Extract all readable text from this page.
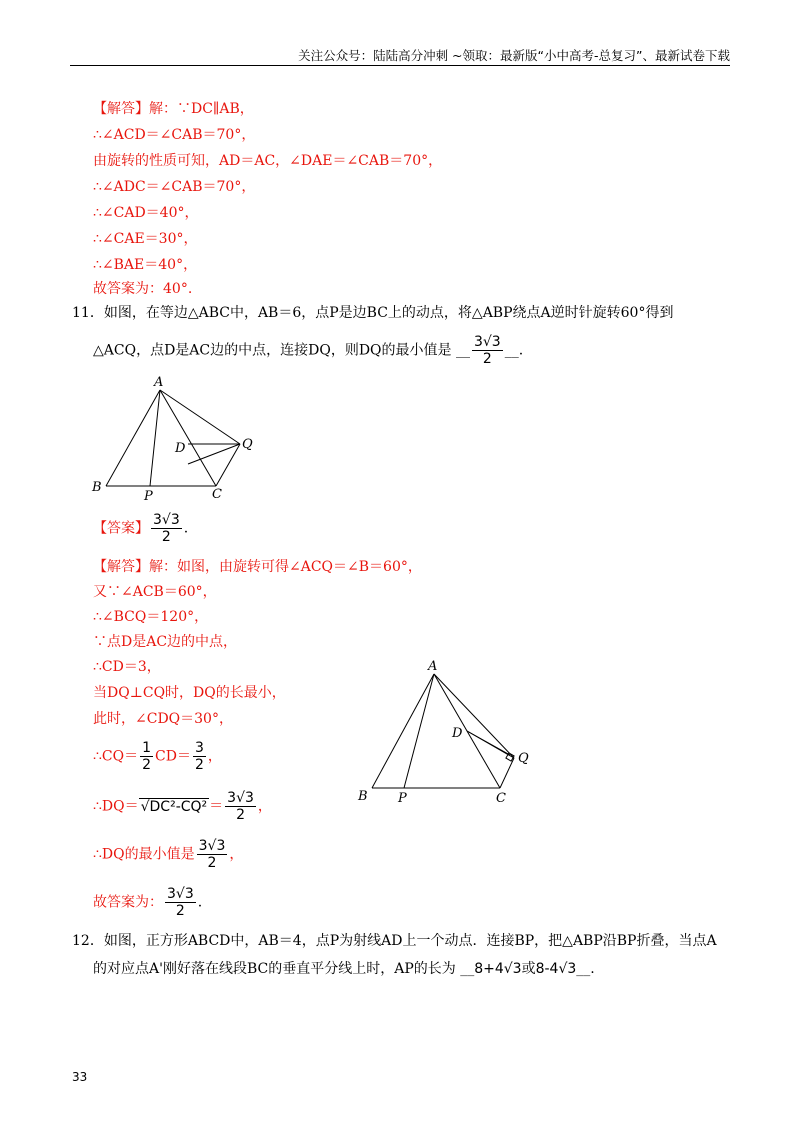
关注公众号：陆陆高分冲刺 ~领取：最新版“小中高考-总复习”、最新试卷下载
【解答】解：∵DC∥AB，
∴∠ACD＝∠CAB＝70°，
由旋转的性质可知，AD＝AC，∠DAE＝∠CAB＝70°，
∴∠ADC＝∠CAB＝70°，
∴∠CAD＝40°，
∴∠CAE＝30°，
∴∠BAE＝40°，
故答案为：40°.
11．如图，在等边△ABC中，AB＝6，点P是边BC上的动点，将△ABP绕点A逆时针旋转60°得到
△ACQ，点D是AC边的中点，连接DQ，则DQ的最小值是 __ $\frac{3√3}{2}$ __.
A
D	Q
B
P	C
【答案】 $\frac{3√3}{2}$ .
【解答】解：如图，由旋转可得∠ACQ＝∠B＝60°，
又∵∠ACB＝60°，
∴∠BCQ＝120°，
∵点D是AC边的中点，
∴CD＝3，
当DQ⊥CQ时，DQ的长最小，
此时，∠CDQ＝30°，
∴CQ＝ $\frac{1}{2} CD= \frac{3}{2}$ ，
∴DQ＝ $√DC^2-CQ^2 = \frac{3√3}{2}$ ，
∴DQ的最小值是 $\frac{3√3}{2}$ ，
故答案为： $\frac{3√3}{2}$ .
A
D
Q
B P	C
12．如图，正方形ABCD中，AB＝4，点P为射线AD上一个动点．连接BP，把△ABP沿BP折叠，当点A
的对应点A'刚好落在线段BC的垂直平分线上时，AP的长为 __8+4√3或8-4√3__.
33
